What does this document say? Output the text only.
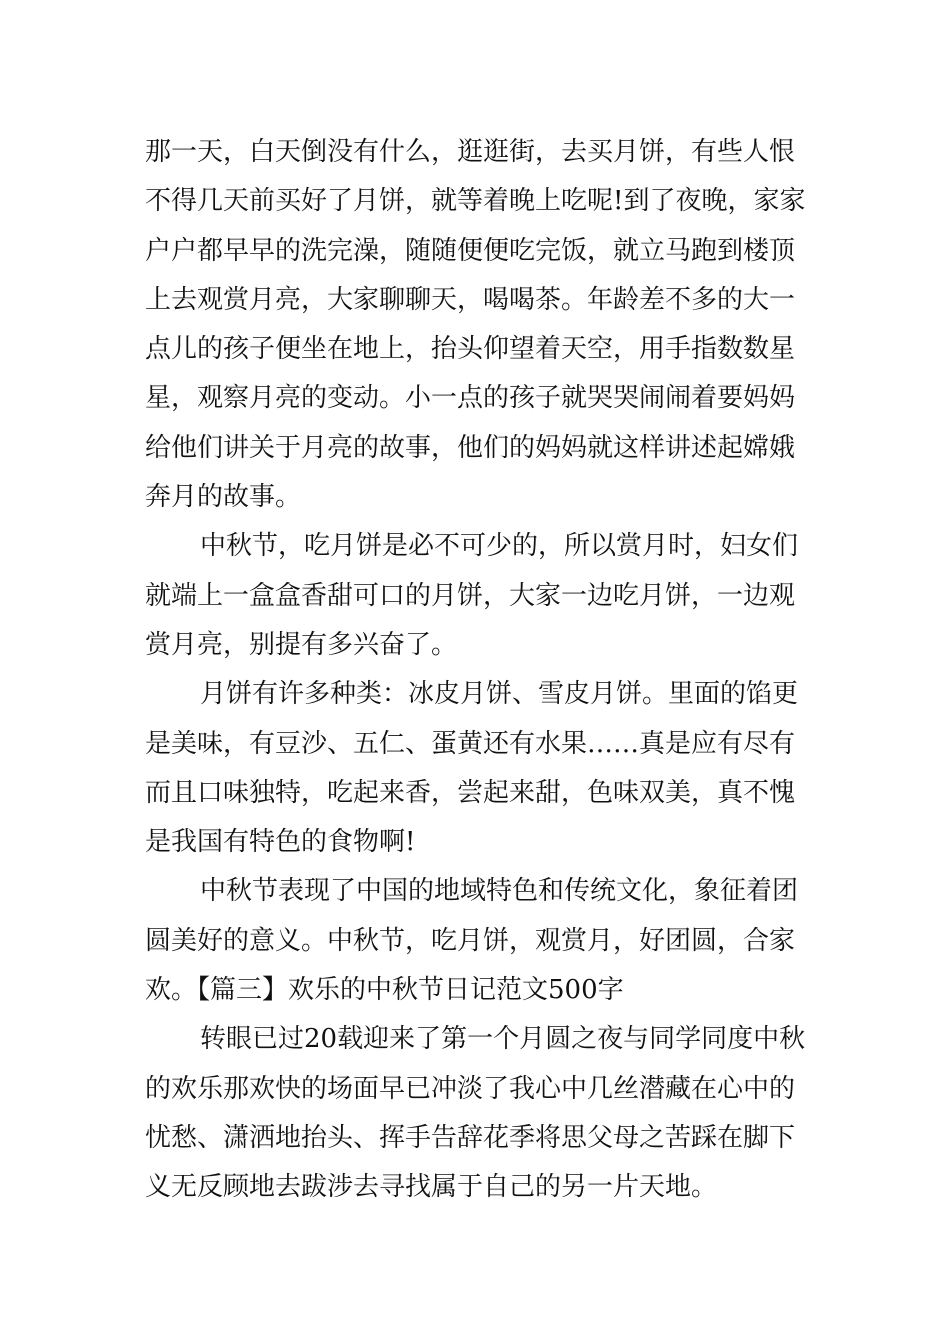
那一天，白天倒没有什么，逛逛街，去买月饼，有些人恨
不得几天前买好了月饼，就等着晚上吃呢!到了夜晚，家家
户户都早早的洗完澡，随随便便吃完饭，就立马跑到楼顶
上去观赏月亮，大家聊聊天，喝喝茶。年龄差不多的大一
点儿的孩子便坐在地上，抬头仰望着天空，用手指数数星
星，观察月亮的变动。小一点的孩子就哭哭闹闹着要妈妈
给他们讲关于月亮的故事，他们的妈妈就这样讲述起嫦娥
奔月的故事。
中秋节，吃月饼是必不可少的，所以赏月时，妇女们
就端上一盒盒香甜可口的月饼，大家一边吃月饼，一边观
赏月亮，别提有多兴奋了。
月饼有许多种类：冰皮月饼、雪皮月饼。里面的馅更
是美味，有豆沙、五仁、蛋黄还有水果……真是应有尽有
而且口味独特，吃起来香，尝起来甜，色味双美，真不愧
是我国有特色的食物啊!
中秋节表现了中国的地域特色和传统文化，象征着团
圆美好的意义。中秋节，吃月饼，观赏月，好团圆，合家
欢。【篇三】欢乐的中秋节日记范文500字
转眼已过20载迎来了第一个月圆之夜与同学同度中秋
的欢乐那欢快的场面早已冲淡了我心中几丝潜藏在心中的
忧愁、潇洒地抬头、挥手告辞花季将思父母之苦踩在脚下
义无反顾地去跋涉去寻找属于自己的另一片天地。
